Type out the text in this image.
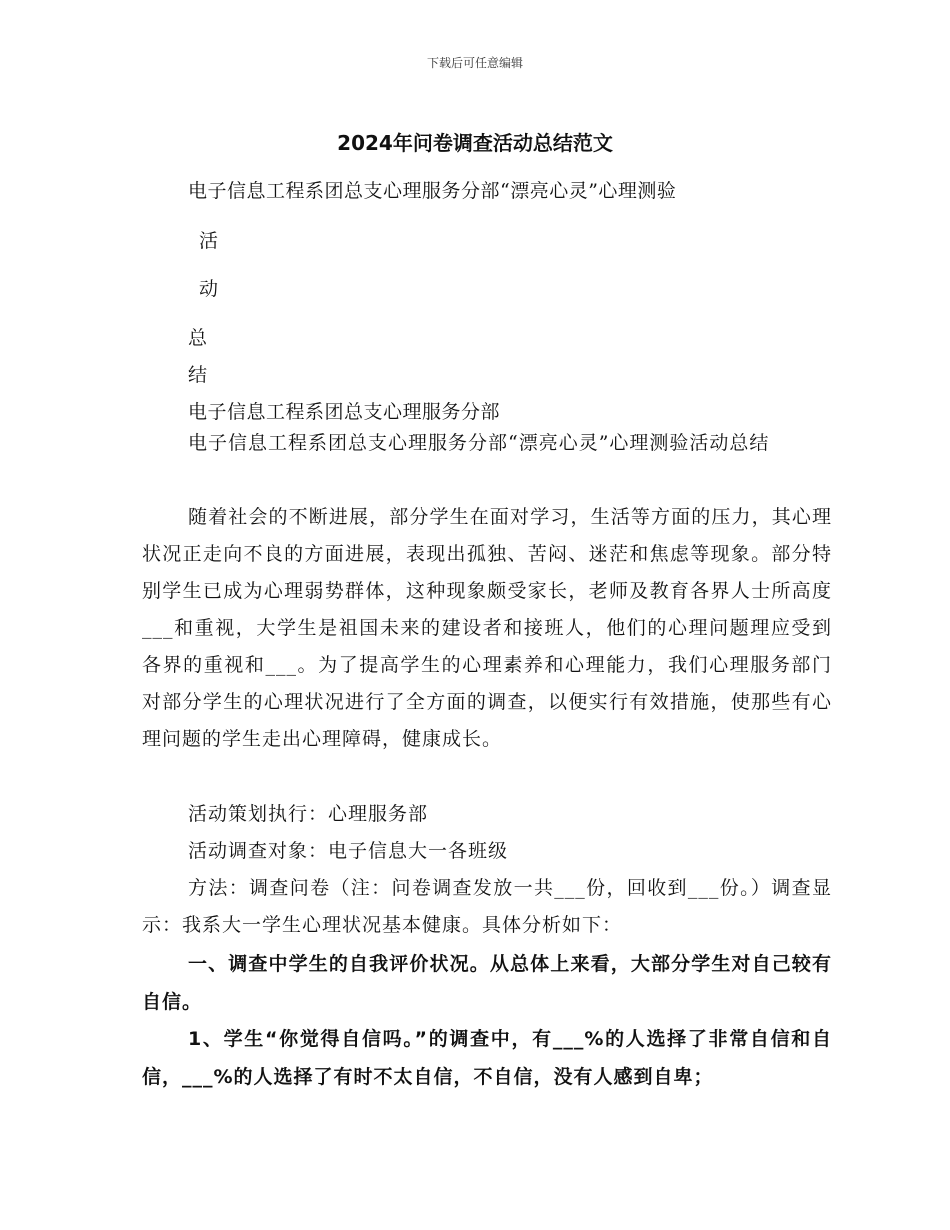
下载后可任意编辑
2024年问卷调查活动总结范文
电子信息工程系团总支心理服务分部“漂亮心灵”心理测验
活
动
总
结
电子信息工程系团总支心理服务分部
电子信息工程系团总支心理服务分部“漂亮心灵”心理测验活动总结
随着社会的不断进展，部分学生在面对学习，生活等方面的压力，其心理状况正走向不良的方面进展，表现出孤独、苦闷、迷茫和焦虑等现象。部分特别学生已成为心理弱势群体，这种现象颇受家长，老师及教育各界人士所高度___和重视，大学生是祖国未来的建设者和接班人，他们的心理问题理应受到各界的重视和___。为了提高学生的心理素养和心理能力，我们心理服务部门对部分学生的心理状况进行了全方面的调查，以便实行有效措施，使那些有心理问题的学生走出心理障碍，健康成长。
活动策划执行：心理服务部
活动调查对象：电子信息大一各班级
方法：调查问卷（注：问卷调查发放一共___份，回收到___份。）调查显示：我系大一学生心理状况基本健康。具体分析如下：
一、调查中学生的自我评价状况。从总体上来看，大部分学生对自己较有自信。
1、学生“你觉得自信吗。”的调查中，有___%的人选择了非常自信和自信，___%的人选择了有时不太自信，不自信，没有人感到自卑；
